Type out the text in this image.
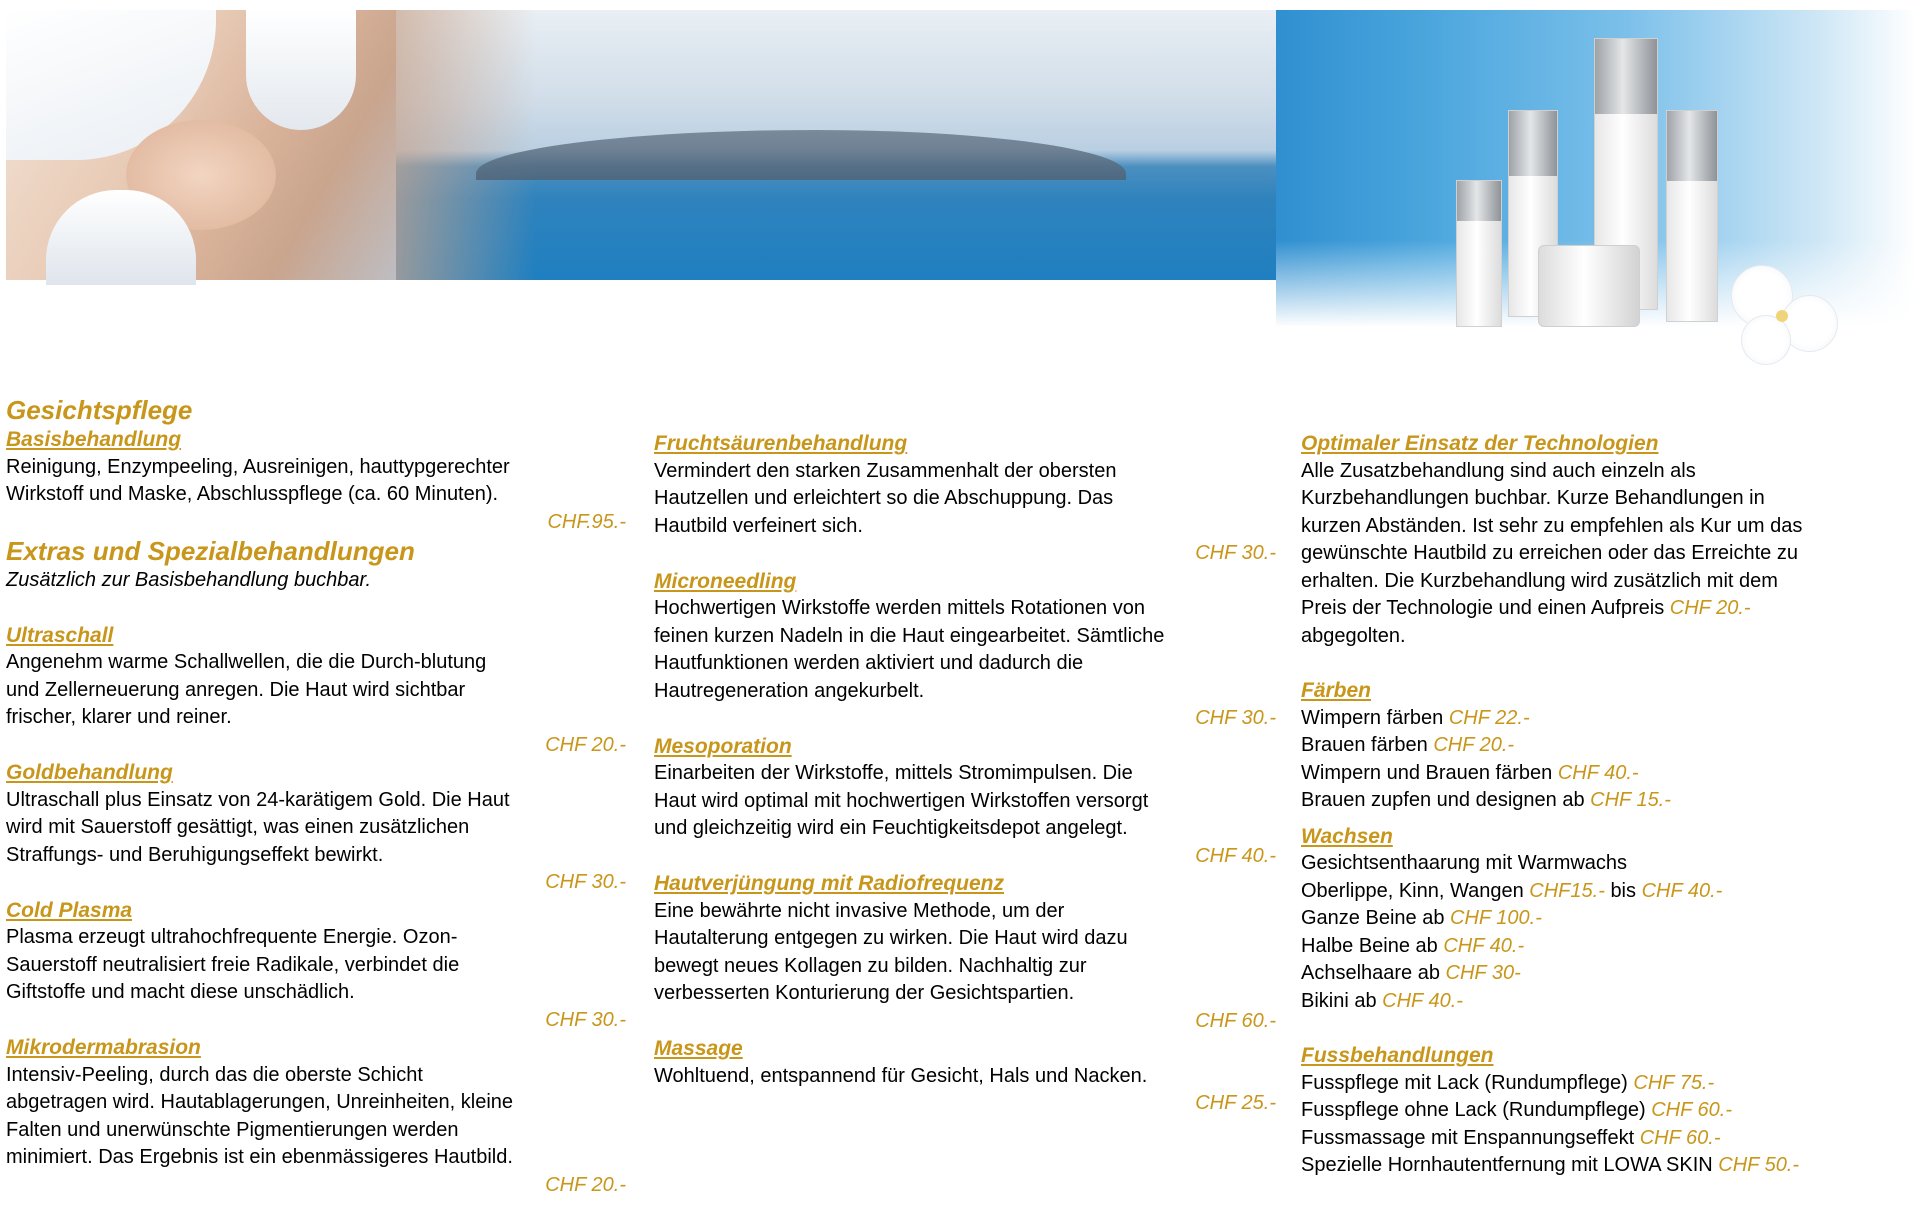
Gesichtspflege
Basisbehandlung
Reinigung, Enzympeeling, Ausreinigen, hauttypgerechter
Wirkstoff und Maske, Abschlusspflege (ca. 60 Minuten).
CHF.95.-
Extras und Spezialbehandlungen
Zusätzlich zur Basisbehandlung buchbar.
Ultraschall
Angenehm warme Schallwellen, die die Durch-blutung
und Zellerneuerung anregen. Die Haut wird sichtbar
frischer, klarer und reiner.
CHF 20.-
Goldbehandlung
Ultraschall plus Einsatz von 24-karätigem Gold. Die Haut
wird mit Sauerstoff gesättigt, was einen zusätzlichen
Straffungs- und Beruhigungseffekt bewirkt.
CHF 30.-
Cold Plasma
Plasma erzeugt ultrahochfrequente Energie. Ozon-
Sauerstoff neutralisiert freie Radikale, verbindet die
Giftstoffe und macht diese unschädlich.
CHF 30.-
Mikrodermabrasion
Intensiv-Peeling, durch das die oberste Schicht
abgetragen wird. Hautablagerungen, Unreinheiten, kleine
Falten und unerwünschte Pigmentierungen werden
minimiert. Das Ergebnis ist ein ebenmässigeres Hautbild.
CHF 20.-
Fruchtsäurenbehandlung
Vermindert den starken Zusammenhalt der obersten
Hautzellen und erleichtert so die Abschuppung. Das
Hautbild verfeinert sich.
CHF 30.-
Microneedling
Hochwertigen Wirkstoffe werden mittels Rotationen von
feinen kurzen Nadeln in die Haut eingearbeitet. Sämtliche
Hautfunktionen werden aktiviert und dadurch die
Hautregeneration angekurbelt.
CHF 30.-
Mesoporation
Einarbeiten der Wirkstoffe, mittels Stromimpulsen. Die
Haut wird optimal mit hochwertigen Wirkstoffen versorgt
und gleichzeitig wird ein Feuchtigkeitsdepot angelegt.
CHF 40.-
Hautverjüngung mit Radiofrequenz
Eine bewährte nicht invasive Methode, um der
Hautalterung entgegen zu wirken. Die Haut wird dazu
bewegt neues Kollagen zu bilden. Nachhaltig zur
verbesserten Konturierung der Gesichtspartien.
CHF 60.-
Massage
Wohltuend, entspannend für Gesicht, Hals und Nacken.
CHF 25.-
Optimaler Einsatz der Technologien
Alle Zusatzbehandlung sind auch einzeln als
Kurzbehandlungen buchbar. Kurze Behandlungen in
kurzen Abständen. Ist sehr zu empfehlen als Kur um das
gewünschte Hautbild zu erreichen oder das Erreichte zu
erhalten. Die Kurzbehandlung wird zusätzlich mit dem
Preis der Technologie und einen Aufpreis CHF 20.-
abgegolten.
Färben
Wimpern färben CHF 22.-
Brauen färben CHF 20.-
Wimpern und Brauen färben CHF 40.-
Brauen zupfen und designen ab CHF 15.-
Wachsen
Gesichtsenthaarung mit Warmwachs
Oberlippe, Kinn, Wangen CHF15.- bis CHF 40.-
Ganze Beine ab CHF 100.-
Halbe Beine ab CHF 40.-
Achselhaare ab CHF 30-
Bikini ab CHF 40.-
Fussbehandlungen
Fusspflege mit Lack (Rundumpflege) CHF 75.-
Fusspflege ohne Lack (Rundumpflege) CHF 60.-
Fussmassage mit Enspannungseffekt CHF 60.-
Spezielle Hornhautentfernung mit LOWA SKIN CHF 50.-
